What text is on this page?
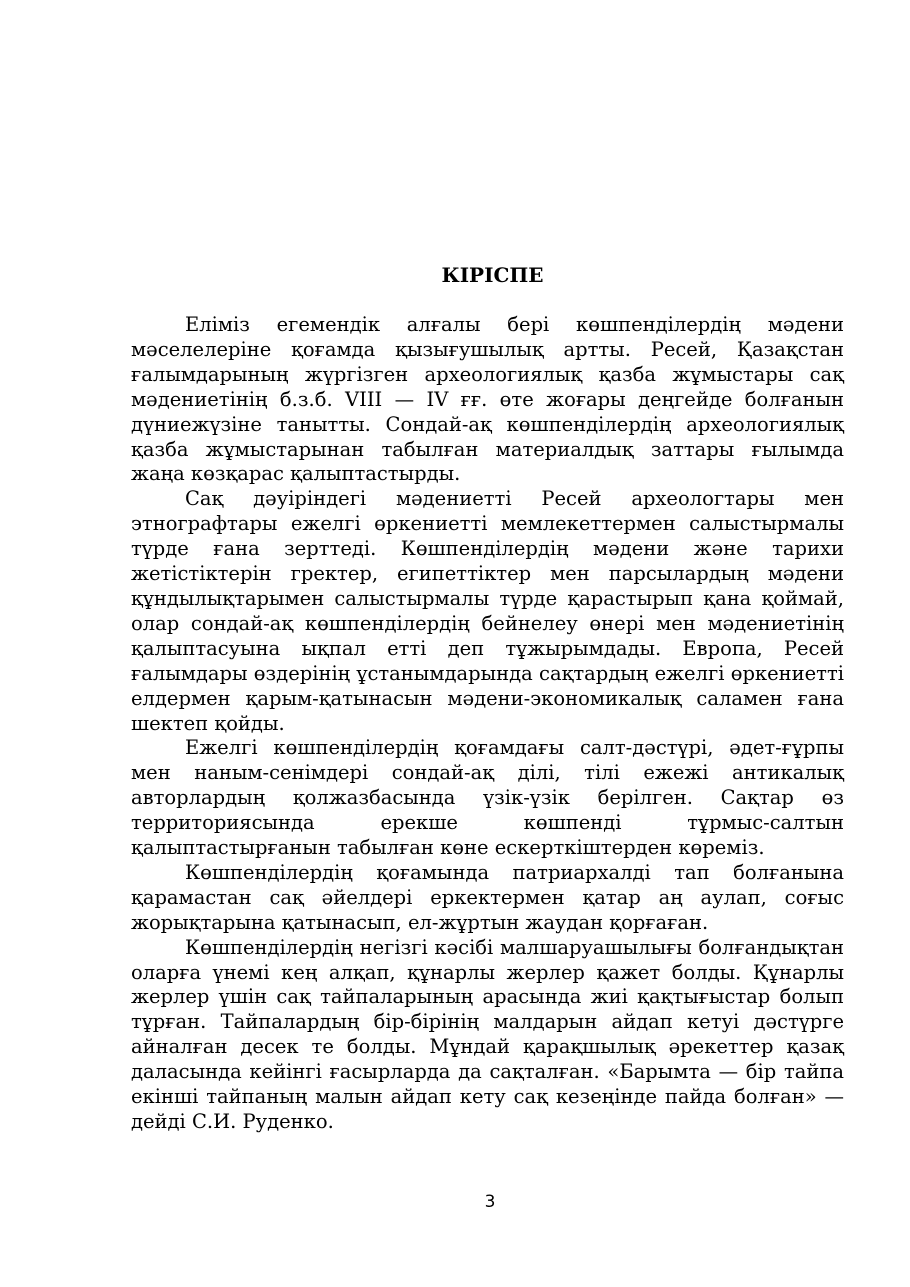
КІРІСПЕ

Еліміз егемендік алғалы бері көшпенділердің мәдени мәселелеріне қоғамда қызығушылық артты. Ресей, Қазақстан ғалымдарының жүргізген археологиялық қазба жұмыстары сақ мәдениетінің б.з.б. VIII — IV ғғ. өте жоғары деңгейде болғанын дүниежүзіне танытты. Сондай-ақ көшпенділердің археологиялық қазба жұмыстарынан табылған материалдық заттары ғылымда жаңа көзқарас қалыптастырды.

Сақ дәуіріндегі мәдениетті Ресей археологтары мен этнографтары ежелгі өркениетті мемлекеттермен салыстырмалы түрде ғана зерттеді. Көшпенділердің мәдени және тарихи жетістіктерін гректер, египеттіктер мен парсылардың мәдени құндылықтарымен салыстырмалы түрде қарастырып қана қоймай, олар сондай-ақ көшпенділердің бейнелеу өнері мен мәдениетінің қалыптасуына ықпал етті деп тұжырымдады. Европа, Ресей ғалымдары өздерінің ұстанымдарында сақтардың ежелгі өркениетті елдермен қарым-қатынасын мәдени-экономикалық саламен ғана шектеп қойды.

Ежелгі көшпенділердің қоғамдағы салт-дәстүрі, әдет-ғұрпы мен наным-сенімдері сондай-ақ ділі, тілі ежежі антикалық авторлардың қолжазбасында үзік-үзік берілген. Сақтар өз территориясында ерекше көшпенді тұрмыс-салтын қалыптастырғанын табылған көне ескерткіштерден көреміз.

Көшпенділердің қоғамында патриархалді тап болғанына қарамастан сақ әйелдері еркектермен қатар аң аулап, соғыс жорықтарына қатынасып, ел-жұртын жаудан қорғаған.

Көшпенділердің негізгі кәсібі малшаруашылығы болғандықтан оларға үнемі кең алқап, құнарлы жерлер қажет болды. Құнарлы жерлер үшін сақ тайпаларының арасында жиі қақтығыстар болып тұрған. Тайпалардың бір-бірінің малдарын айдап кетуі дәстүрге айналған десек те болды. Мұндай қарақшылық әрекеттер қазақ даласында кейінгі ғасырларда да сақталған. «Барымта — бір тайпа екінші тайпаның малын айдап кету сақ кезеңінде пайда болған» — дейді С.И. Руденко.

3
